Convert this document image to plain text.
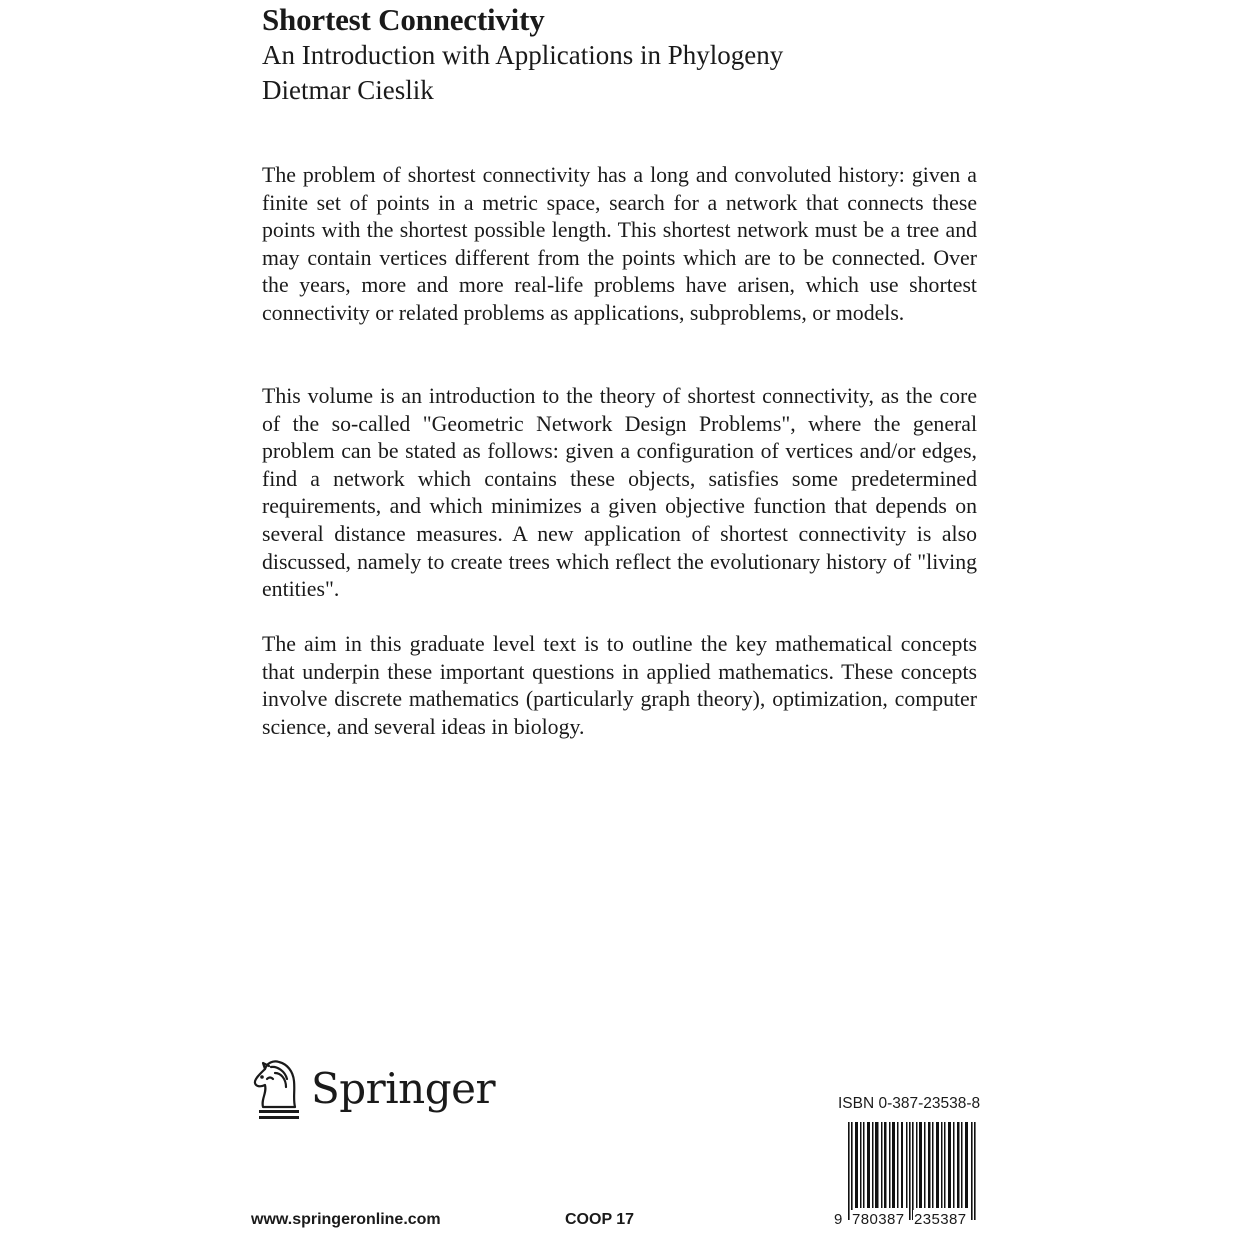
Shortest Connectivity
An Introduction with Applications in Phylogeny
Dietmar Cieslik
The problem of shortest connectivity has a long and convoluted history: given a finite set of points in a metric space, search for a network that connects these points with the shortest possible length. This shortest network must be a tree and may contain vertices different from the points which are to be connected. Over the years, more and more real-life problems have arisen, which use shortest connectivity or related problems as applications, subproblems, or models.
This volume is an introduction to the theory of shortest connectivity, as the core of the so-called "Geometric Network Design Problems", where the general problem can be stated as follows: given a configuration of vertices and/or edges, find a network which contains these objects, satisfies some predetermined requirements, and which minimizes a given objective function that depends on several distance measures. A new application of shortest connectivity is also discussed, namely to create trees which reflect the evolutionary history of "living entities".
The aim in this graduate level text is to outline the key mathematical concepts that underpin these important questions in applied mathematics. These concepts involve discrete mathematics (particularly graph theory), optimization, computer science, and several ideas in biology.
Springer	ISBN 0-387-23538-8
9 780387 235387
www.springeronline.com	COOP 17
